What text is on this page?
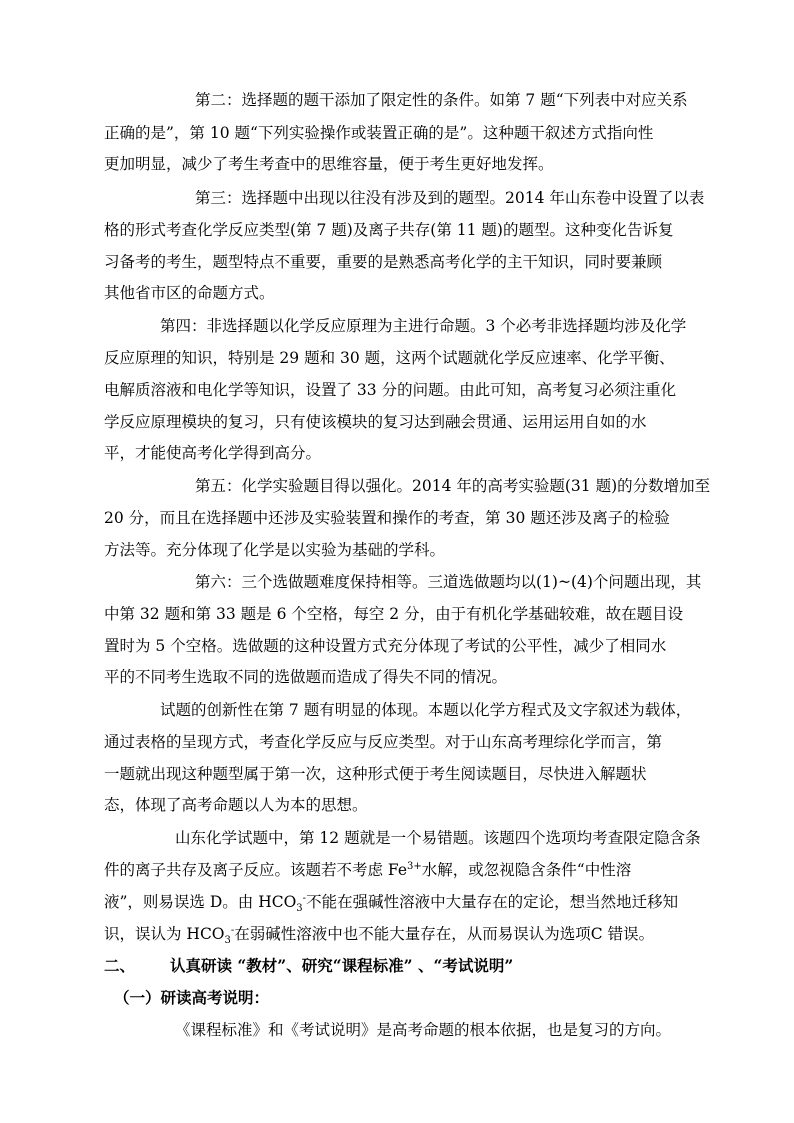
第二：选择题的题干添加了限定性的条件。如第 7 题“下列表中对应关系
正确的是”，第 10 题“下列实验操作或装置正确的是”。这种题干叙述方式指向性
更加明显，减少了考生考查中的思维容量，便于考生更好地发挥。
第三：选择题中出现以往没有涉及到的题型。2014 年山东卷中设置了以表
格的形式考查化学反应类型(第 7 题)及离子共存(第 11 题)的题型。这种变化告诉复
习备考的考生，题型特点不重要，重要的是熟悉高考化学的主干知识，同时要兼顾
其他省市区的命题方式。
第四：非选择题以化学反应原理为主进行命题。3 个必考非选择题均涉及化学
反应原理的知识，特别是 29 题和 30 题，这两个试题就化学反应速率、化学平衡、
电解质溶液和电化学等知识，设置了 33 分的问题。由此可知，高考复习必须注重化
学反应原理模块的复习，只有使该模块的复习达到融会贯通、运用运用自如的水
平，才能使高考化学得到高分。
第五：化学实验题目得以强化。2014 年的高考实验题(31 题)的分数增加至
20 分，而且在选择题中还涉及实验装置和操作的考查，第 30 题还涉及离子的检验
方法等。充分体现了化学是以实验为基础的学科。
第六：三个选做题难度保持相等。三道选做题均以(1)~(4)个问题出现，其
中第 32 题和第 33 题是 6 个空格，每空 2 分，由于有机化学基础较难，故在题目设
置时为 5 个空格。选做题的这种设置方式充分体现了考试的公平性，减少了相同水
平的不同考生选取不同的选做题而造成了得失不同的情况。
试题的创新性在第 7 题有明显的体现。本题以化学方程式及文字叙述为载体，
通过表格的呈现方式，考查化学反应与反应类型。对于山东高考理综化学而言，第
一题就出现这种题型属于第一次，这种形式便于考生阅读题目，尽快进入解题状
态，体现了高考命题以人为本的思想。
山东化学试题中，第 12 题就是一个易错题。该题四个选项均考查限定隐含条
件的离子共存及离子反应。该题若不考虑 $Fe^{3+}$水解，或忽视隐含条件“中性溶
液”，则易误选 D。由 $HCO_3^-$不能在强碱性溶液中大量存在的定论，想当然地迁移知
识，误认为 $HCO_3^-$在弱碱性溶液中也不能大量存在，从而易误认为选项C 错误。
二、 认真研读 “教材”、研究“课程标准” 、“考试说明”
（一）研读高考说明：
《课程标准》和《考试说明》是高考命题的根本依据，也是复习的方向。
